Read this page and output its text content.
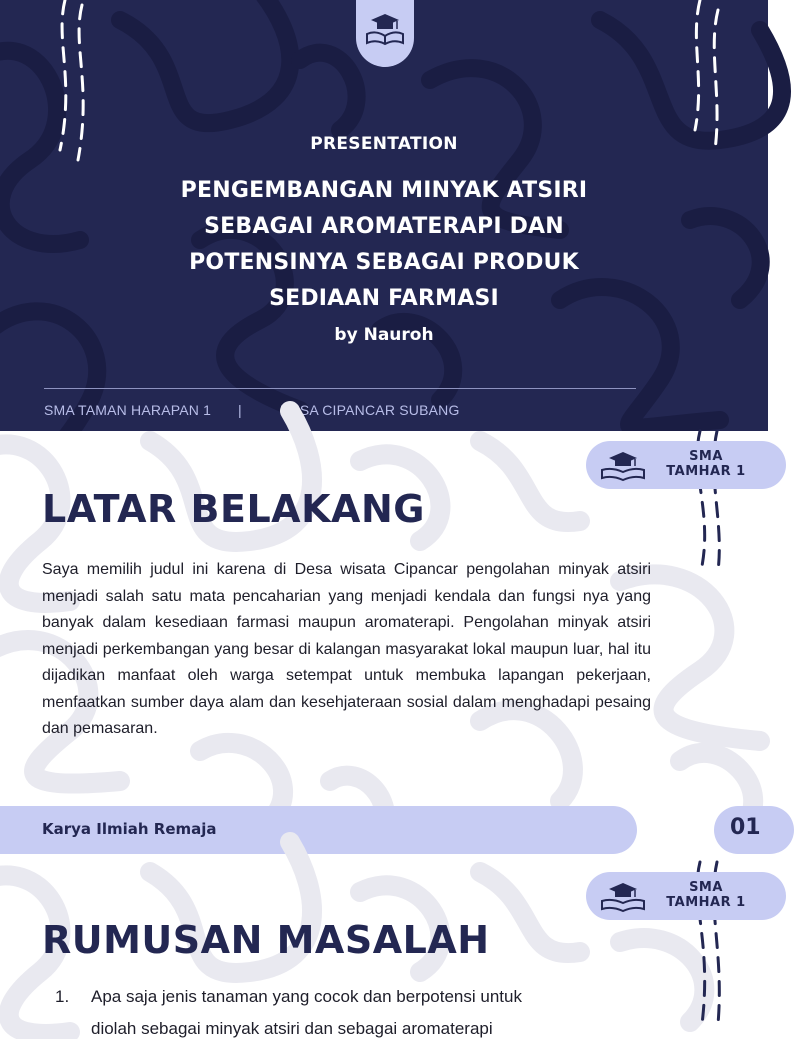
PRESENTATION
PENGEMBANGAN MINYAK ATSIRI
SEBAGAI AROMATERAPI DAN
POTENSINYA SEBAGAI PRODUK
SEDIAAN FARMASI
by Nauroh
SMA TAMAN HARAPAN 1 |	DESA CIPANCAR SUBANG
SMA
TAMHAR 1
LATAR BELAKANG

Saya memilih judul ini karena di Desa wisata Cipancar pengolahan minyak atsiri menjadi salah satu mata pencaharian yang menjadi kendala dan fungsi nya yang banyak dalam kesediaan farmasi maupun aromaterapi. Pengolahan minyak atsiri menjadi perkembangan yang besar di kalangan masyarakat lokal maupun luar, hal itu dijadikan manfaat oleh warga setempat untuk membuka lapangan pekerjaan, menfaatkan sumber daya alam dan kesehjateraan sosial dalam menghadapi pesaing dan pemasaran.

Karya Ilmiah Remaja	01
SMA
TAMHAR 1
RUMUSAN MASALAH
1. Apa saja jenis tanaman yang cocok dan berpotensi untuk
diolah sebagai minyak atsiri dan sebagai aromaterapi
